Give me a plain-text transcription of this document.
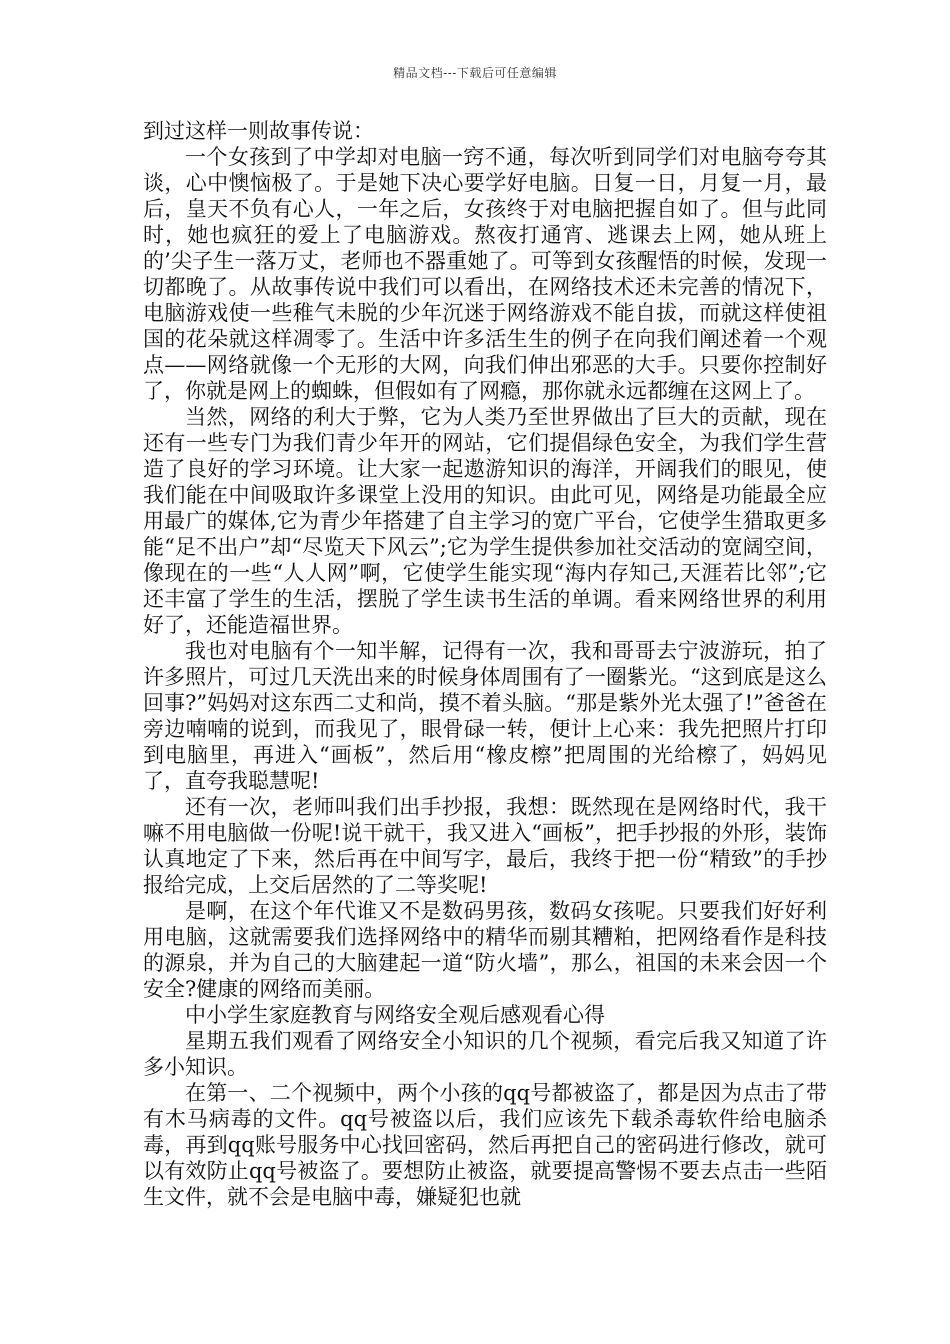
精品文档---下载后可任意编辑

到过这样一则故事传说：

一个女孩到了中学却对电脑一窍不通，每次听到同学们对电脑夸夸其谈，心中懊恼极了。于是她下决心要学好电脑。日复一日，月复一月，最后，皇天不负有心人，一年之后，女孩终于对电脑把握自如了。但与此同时，她也疯狂的爱上了电脑游戏。熬夜打通宵、逃课去上网，她从班上的’尖子生一落万丈，老师也不器重她了。可等到女孩醒悟的时候，发现一切都晚了。从故事传说中我们可以看出，在网络技术还未完善的情况下，电脑游戏使一些稚气未脱的少年沉迷于网络游戏不能自拔，而就这样使祖国的花朵就这样凋零了。生活中许多活生生的例子在向我们阐述着一个观点——网络就像一个无形的大网，向我们伸出邪恶的大手。只要你控制好了，你就是网上的蜘蛛，但假如有了网瘾，那你就永远都缠在这网上了。

当然，网络的利大于弊，它为人类乃至世界做出了巨大的贡献，现在还有一些专门为我们青少年开的网站，它们提倡绿色安全，为我们学生营造了良好的学习环境。让大家一起遨游知识的海洋，开阔我们的眼见，使我们能在中间吸取许多课堂上没用的知识。由此可见，网络是功能最全应用最广的媒体,它为青少年搭建了自主学习的宽广平台，它使学生猎取更多能“足不出户”却“尽览天下风云”;它为学生提供参加社交活动的宽阔空间，像现在的一些“人人网”啊，它使学生能实现“海内存知己,天涯若比邻”;它还丰富了学生的生活，摆脱了学生读书生活的单调。看来网络世界的利用好了，还能造福世界。

我也对电脑有个一知半解，记得有一次，我和哥哥去宁波游玩，拍了许多照片，可过几天洗出来的时候身体周围有了一圈紫光。“这到底是这么回事?”妈妈对这东西二丈和尚，摸不着头脑。“那是紫外光太强了!”爸爸在旁边喃喃的说到，而我见了，眼骨碌一转，便计上心来：我先把照片打印到电脑里，再进入“画板”，然后用“橡皮檫”把周围的光给檫了，妈妈见了，直夸我聪慧呢!

还有一次，老师叫我们出手抄报，我想：既然现在是网络时代，我干嘛不用电脑做一份呢!说干就干，我又进入“画板”，把手抄报的外形，装饰认真地定了下来，然后再在中间写字，最后，我终于把一份“精致”的手抄报给完成，上交后居然的了二等奖呢!

是啊，在这个年代谁又不是数码男孩，数码女孩呢。只要我们好好利用电脑，这就需要我们选择网络中的精华而剔其糟粕，把网络看作是科技的源泉，并为自己的大脑建起一道“防火墙”，那么，祖国的未来会因一个安全?健康的网络而美丽。

中小学生家庭教育与网络安全观后感观看心得

星期五我们观看了网络安全小知识的几个视频，看完后我又知道了许多小知识。

在第一、二个视频中，两个小孩的qq号都被盗了，都是因为点击了带有木马病毒的文件。qq号被盗以后，我们应该先下载杀毒软件给电脑杀毒，再到qq账号服务中心找回密码，然后再把自己的密码进行修改，就可以有效防止qq号被盗了。要想防止被盗，就要提高警惕不要去点击一些陌生文件，就不会是电脑中毒，嫌疑犯也就
